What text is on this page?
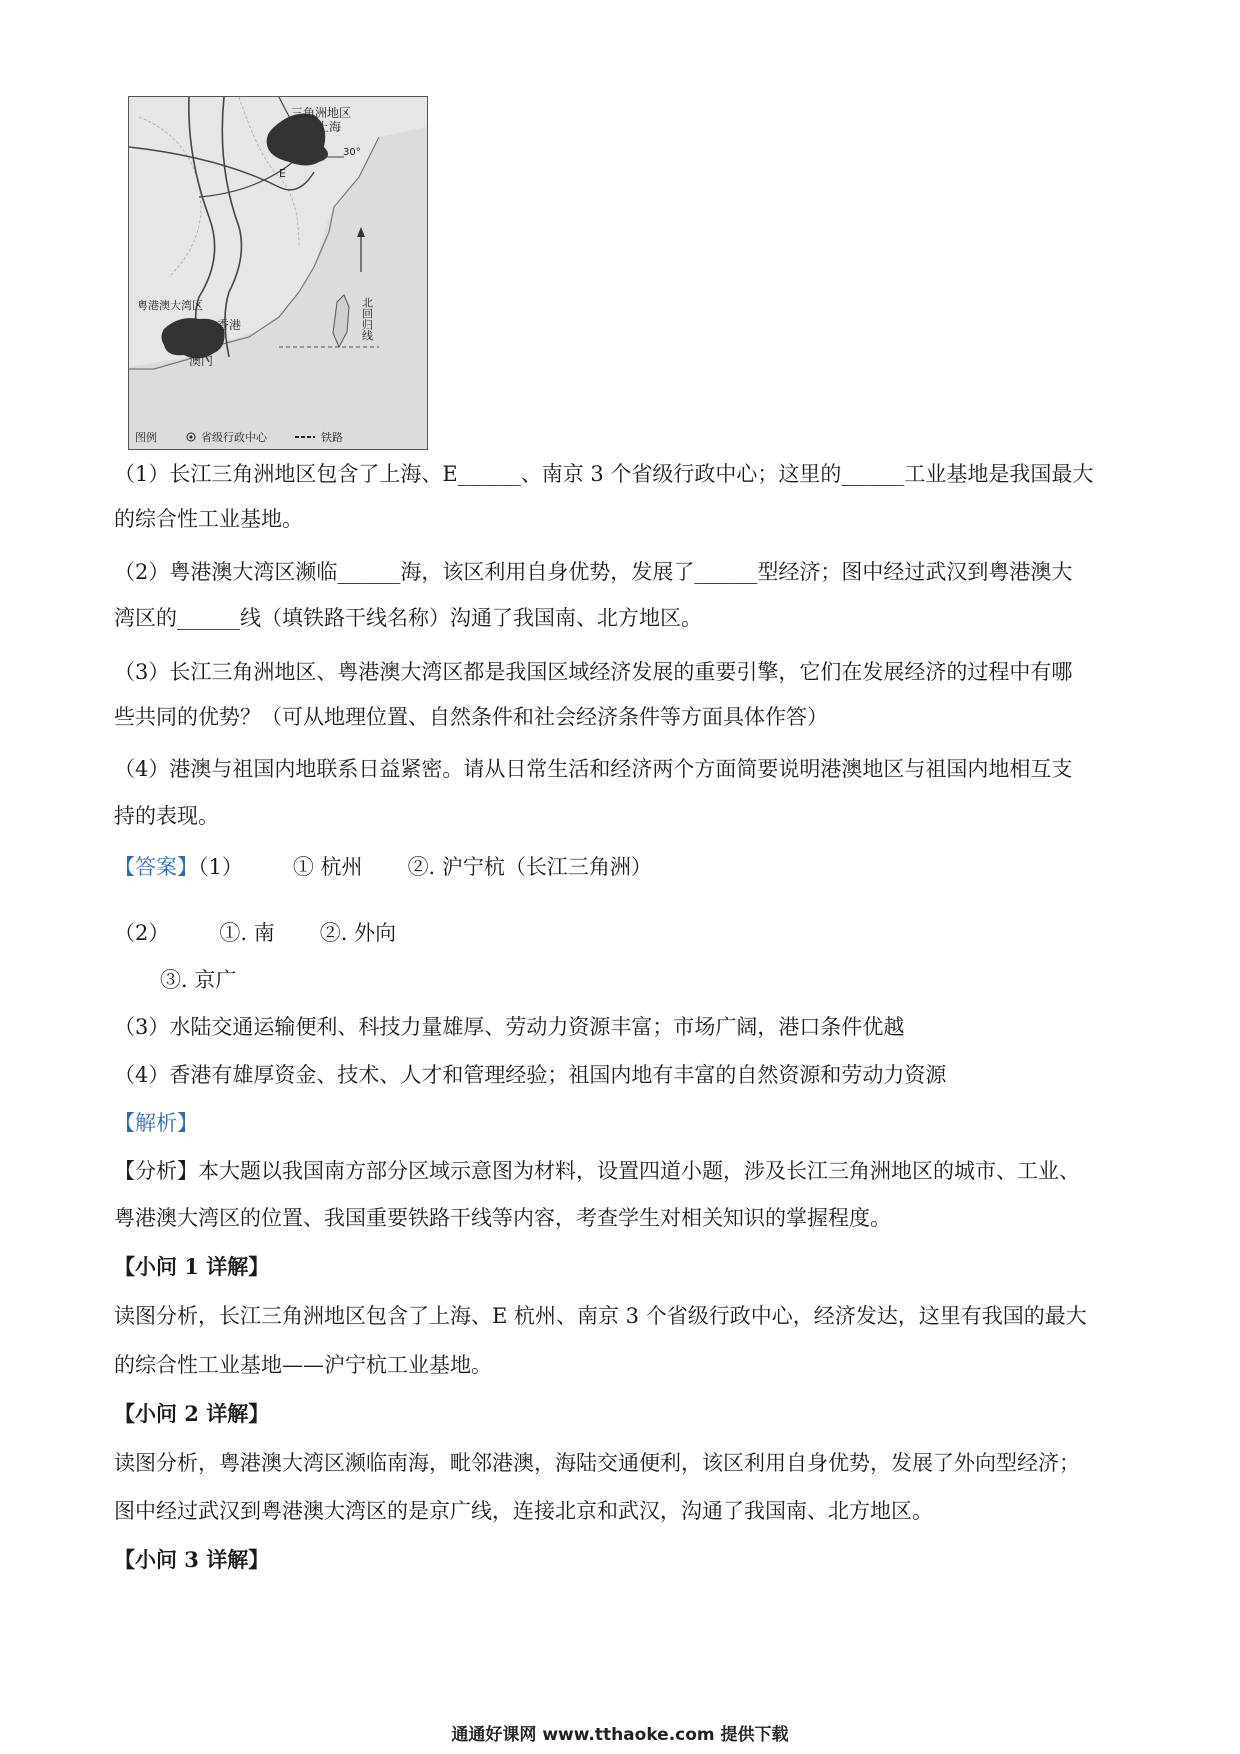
三角洲地区
上海
30°
E
粤港澳大湾区
香港
澳门
北回归线
图例	省级行政中心	铁路
（1）长江三角洲地区包含了上海、E______、南京 3 个省级行政中心；这里的______工业基地是我国最大
的综合性工业基地。
（2）粤港澳大湾区濒临______海，该区利用自身优势，发展了______型经济；图中经过武汉到粤港澳大
湾区的______线（填铁路干线名称）沟通了我国南、北方地区。
（3）长江三角洲地区、粤港澳大湾区都是我国区域经济发展的重要引擎，它们在发展经济的过程中有哪
些共同的优势？（可从地理位置、自然条件和社会经济条件等方面具体作答）
（4）港澳与祖国内地联系日益紧密。请从日常生活和经济两个方面简要说明港澳地区与祖国内地相互支
持的表现。
【答案】（1） ① 杭州 ②. 沪宁杭（长江三角洲）
（2） ①. 南 ②. 外向
③. 京广
（3）水陆交通运输便利、科技力量雄厚、劳动力资源丰富；市场广阔，港口条件优越
（4）香港有雄厚资金、技术、人才和管理经验；祖国内地有丰富的自然资源和劳动力资源
【解析】
【分析】本大题以我国南方部分区域示意图为材料，设置四道小题，涉及长江三角洲地区的城市、工业、
粤港澳大湾区的位置、我国重要铁路干线等内容，考查学生对相关知识的掌握程度。
【小问 1 详解】
读图分析，长江三角洲地区包含了上海、E 杭州、南京 3 个省级行政中心，经济发达，这里有我国的最大
的综合性工业基地——沪宁杭工业基地。
【小问 2 详解】
读图分析，粤港澳大湾区濒临南海，毗邻港澳，海陆交通便利，该区利用自身优势，发展了外向型经济；
图中经过武汉到粤港澳大湾区的是京广线，连接北京和武汉，沟通了我国南、北方地区。
【小问 3 详解】
通通好课网 www.tthaoke.com 提供下载
